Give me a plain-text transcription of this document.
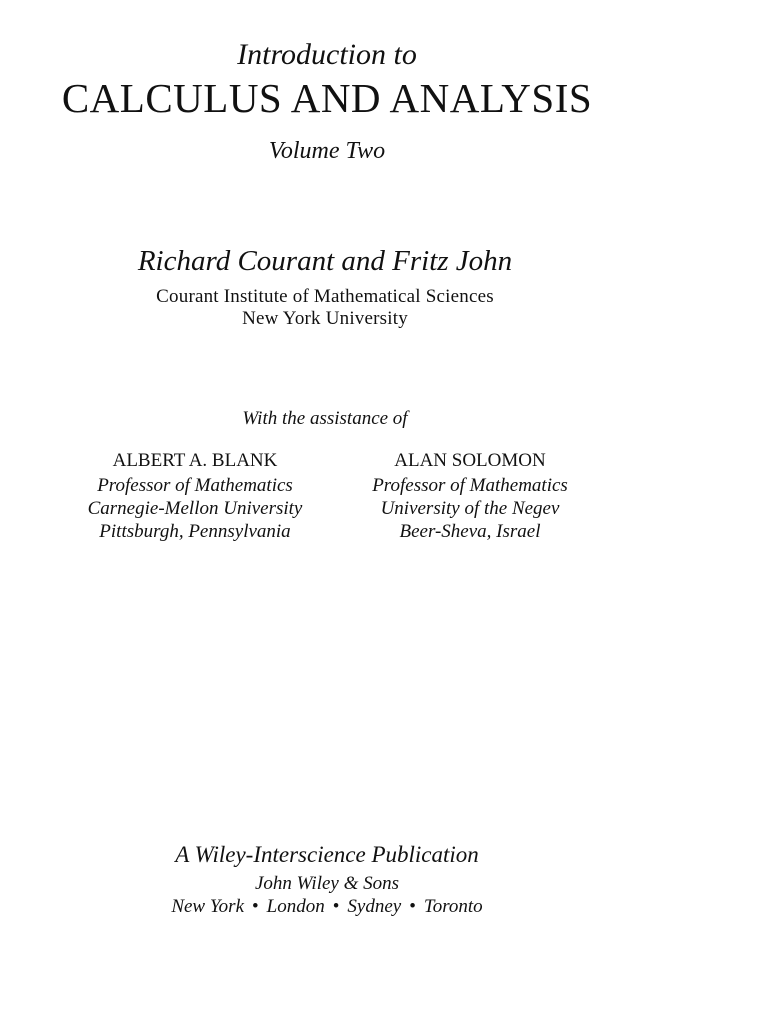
Introduction to
CALCULUS AND ANALYSIS
Volume Two
Richard Courant and Fritz John
Courant Institute of Mathematical Sciences
New York University
With the assistance of
ALBERT A. BLANK
Professor of Mathematics
Carnegie-Mellon University
Pittsburgh, Pennsylvania
ALAN SOLOMON
Professor of Mathematics
University of the Negev
Beer-Sheva, Israel
A Wiley-Interscience Publication
John Wiley & Sons
New York • London • Sydney • Toronto
